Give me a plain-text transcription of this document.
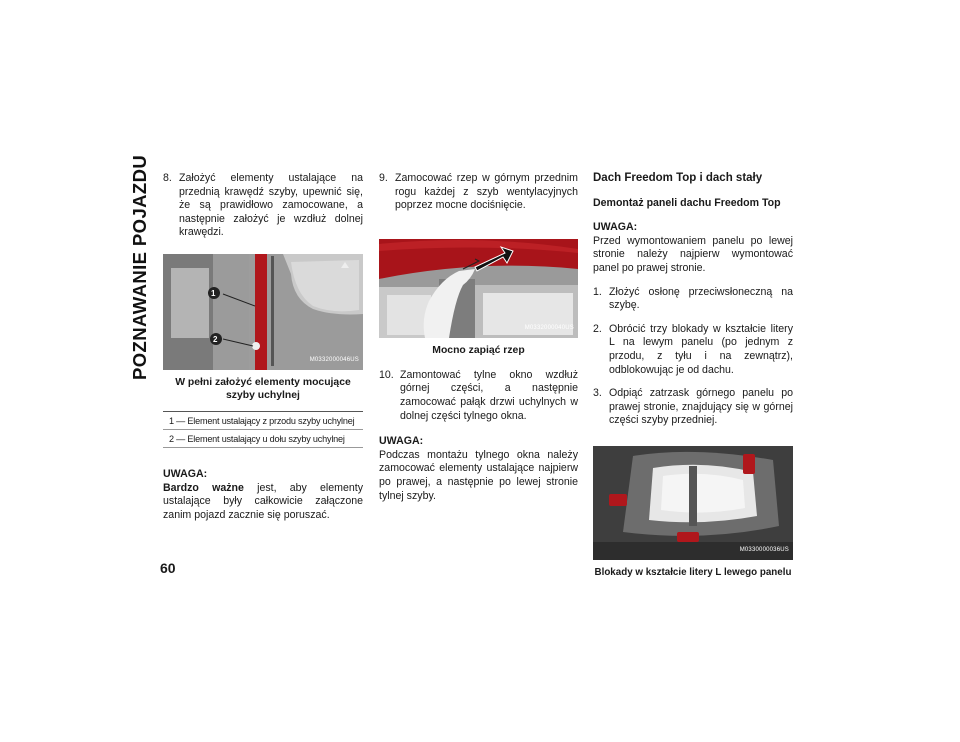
POZNAWANIE POJAZDU
60
8. Założyć elementy ustalające na przednią krawędź szyby, upewnić się, że są prawidłowo zamocowane, a następnie założyć je wzdłuż dolnej krawędzi.
1
2
M0332000046US
W pełni założyć elementy mocujące szyby uchylnej
1 — Element ustalający z przodu szyby uchylnej
2 — Element ustalający u dołu szyby uchylnej
UWAGA:

Bardzo ważne jest, aby elementy ustalające były całkowicie załączone zanim pojazd zacznie się poruszać.

9. Zamocować rzep w górnym przednim rogu każdej z szyb wentylacyjnych poprzez mocne dociśnięcie.
M0332000040US
Mocno zapiąć rzep
10. Zamontować tylne okno wzdłuż górnej części, a następnie zamocować pałąk drzwi uchylnych w dolnej części tylnego okna.
UWAGA:

Podczas montażu tylnego okna należy zamocować elementy ustalające najpierw po prawej, a następnie po lewej stronie tylnej szyby.

Dach Freedom Top i dach stały
Demontaż paneli dachu Freedom Top
UWAGA:

Przed wymontowaniem panelu po lewej stronie należy najpierw wymontować panel po prawej stronie.

1. Złożyć osłonę przeciwsłoneczną na szybę.
2. Obrócić trzy blokady w kształcie litery L na lewym panelu (po jednym z przodu, z tyłu i na zewnątrz), odblokowując je od dachu.
3. Odpiąć zatrzask górnego panelu po prawej stronie, znajdujący się w górnej części szyby przedniej.
M0330000036US
Blokady w kształcie litery L lewego panelu
